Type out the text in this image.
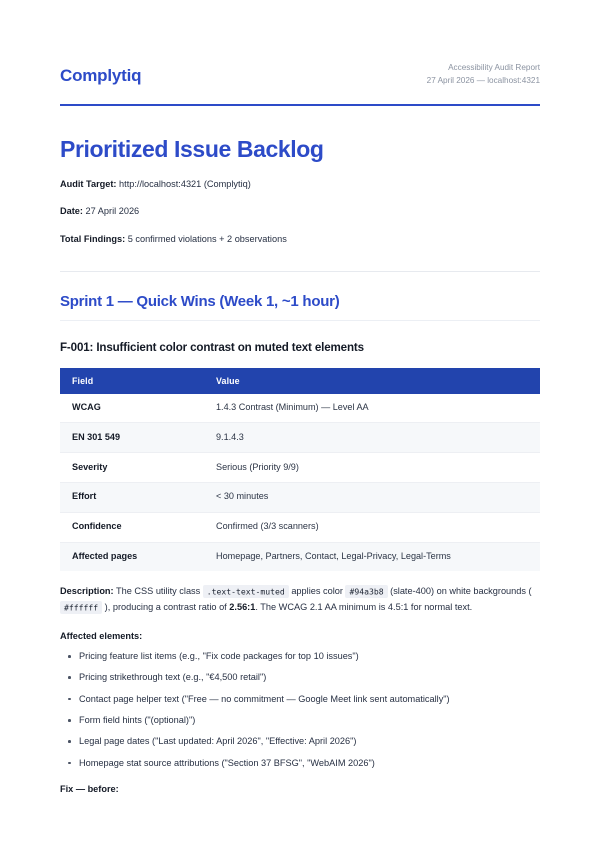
Complytiq	Accessibility Audit Report
27 April 2026 — localhost:4321
Prioritized Issue Backlog
Audit Target: http://localhost:4321 (Complytiq)
Date: 27 April 2026
Total Findings: 5 confirmed violations + 2 observations
Sprint 1 — Quick Wins (Week 1, ~1 hour)
F-001: Insufficient color contrast on muted text elements
Field	Value
WCAG	1.4.3 Contrast (Minimum) — Level AA
EN 301 549	9.1.4.3
Severity	Serious (Priority 9/9)
Effort	< 30 minutes
Confidence	Confirmed (3/3 scanners)
Affected pages	Homepage, Partners, Contact, Legal-Privacy, Legal-Terms

Description: The CSS utility class .text-text-muted applies color #94a3b8 (slate-400) on white backgrounds ( #ffffff ), producing a contrast ratio of 2.56:1. The WCAG 2.1 AA minimum is 4.5:1 for normal text.

Affected elements:
Pricing feature list items (e.g., "Fix code packages for top 10 issues")
Pricing strikethrough text (e.g., "€4,500 retail")
Contact page helper text ("Free — no commitment — Google Meet link sent automatically")
Form field hints ("(optional)")
Legal page dates ("Last updated: April 2026", "Effective: April 2026")
Homepage stat source attributions ("Section 37 BFSG", "WebAIM 2026")
Fix — before:
